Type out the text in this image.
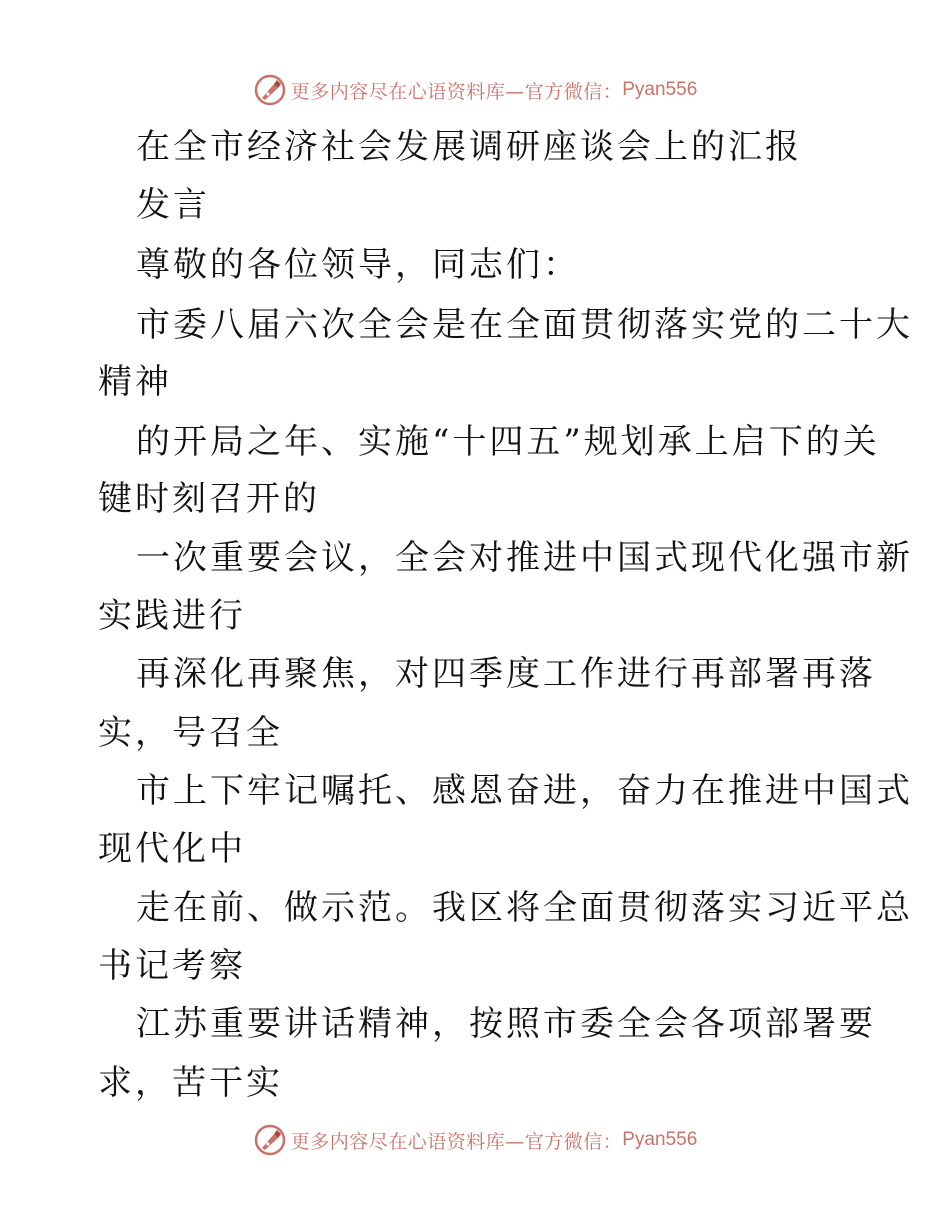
更多内容尽在心语资料库—官方微信： Pyan556
在全市经济社会发展调研座谈会上的汇报
发言
尊敬的各位领导，同志们：
市委八届六次全会是在全面贯彻落实党的二十大
精神
的开局之年、实施“十四五”规划承上启下的关
键时刻召开的
一次重要会议，全会对推进中国式现代化强市新
实践进行
再深化再聚焦，对四季度工作进行再部署再落
实，号召全
市上下牢记嘱托、感恩奋进，奋力在推进中国式
现代化中
走在前、做示范。我区将全面贯彻落实习近平总
书记考察
江苏重要讲话精神，按照市委全会各项部署要
求，苦干实
更多内容尽在心语资料库—官方微信： Pyan556
